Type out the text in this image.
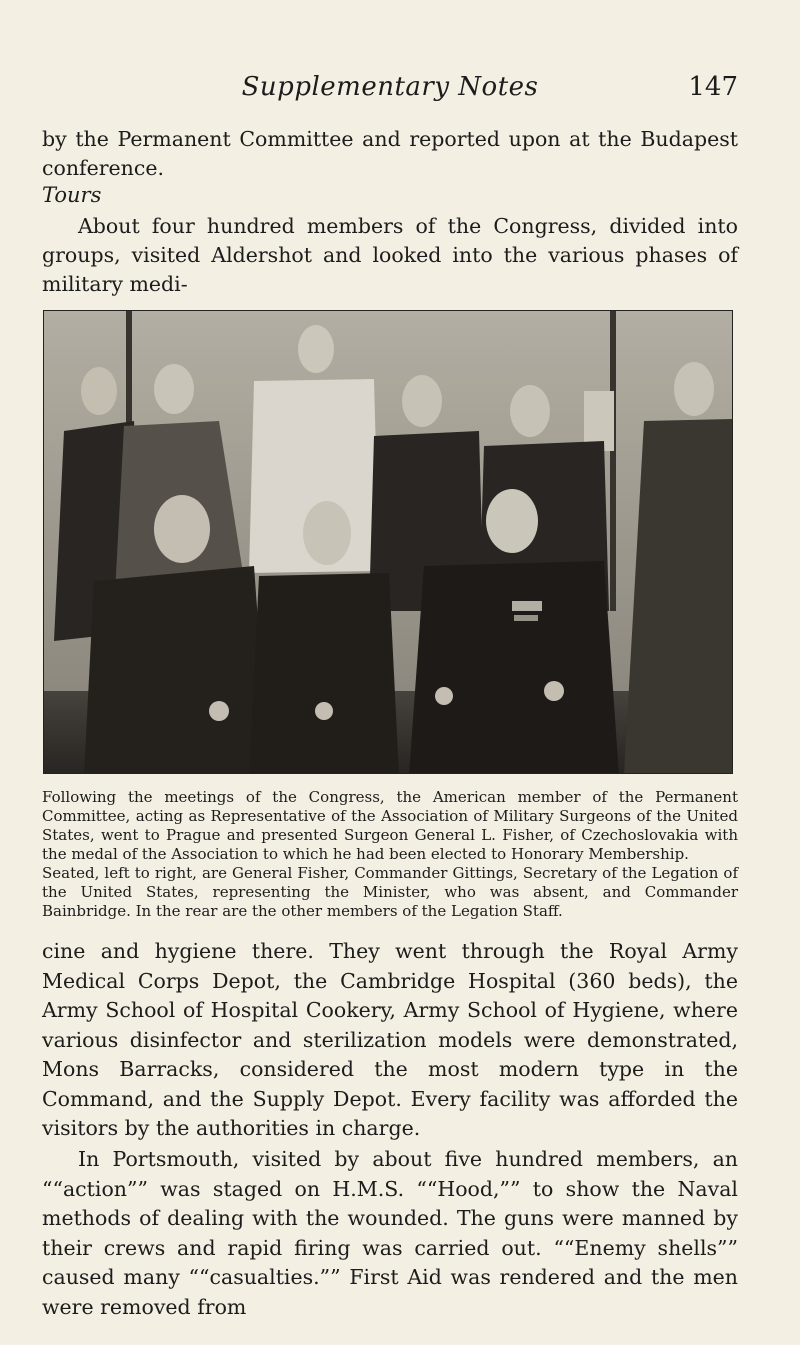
Supplementary Notes	147

by the Permanent Committee and reported upon at the Budapest conference.

Tours

About four hundred members of the Congress, divided into groups, visited Aldershot and looked into the various phases of military medi-

Following the meetings of the Congress, the American member of the Permanent Committee, acting as Representative of the Association of Military Surgeons of the United States, went to Prague and presented Surgeon General L. Fisher, of Czechoslovakia with the medal of the Association to which he had been elected to Honorary Membership.

Seated, left to right, are General Fisher, Commander Gittings, Secretary of the Legation of the United States, representing the Minister, who was absent, and Commander Bainbridge. In the rear are the other members of the Legation Staff.

cine and hygiene there. They went through the Royal Army Medical Corps Depot, the Cambridge Hospital (360 beds), the Army School of Hospital Cookery, Army School of Hygiene, where various disinfector and sterilization models were demonstrated, Mons Barracks, considered the most modern type in the Command, and the Supply Depot. Every facility was afforded the visitors by the authorities in charge.

In Portsmouth, visited by about five hundred members, an ““action”” was staged on H.M.S. ““Hood,”” to show the Naval methods of dealing with the wounded. The guns were manned by their crews and rapid firing was carried out. ““Enemy shells”” caused many ““casualties.”” First Aid was rendered and the men were removed from
